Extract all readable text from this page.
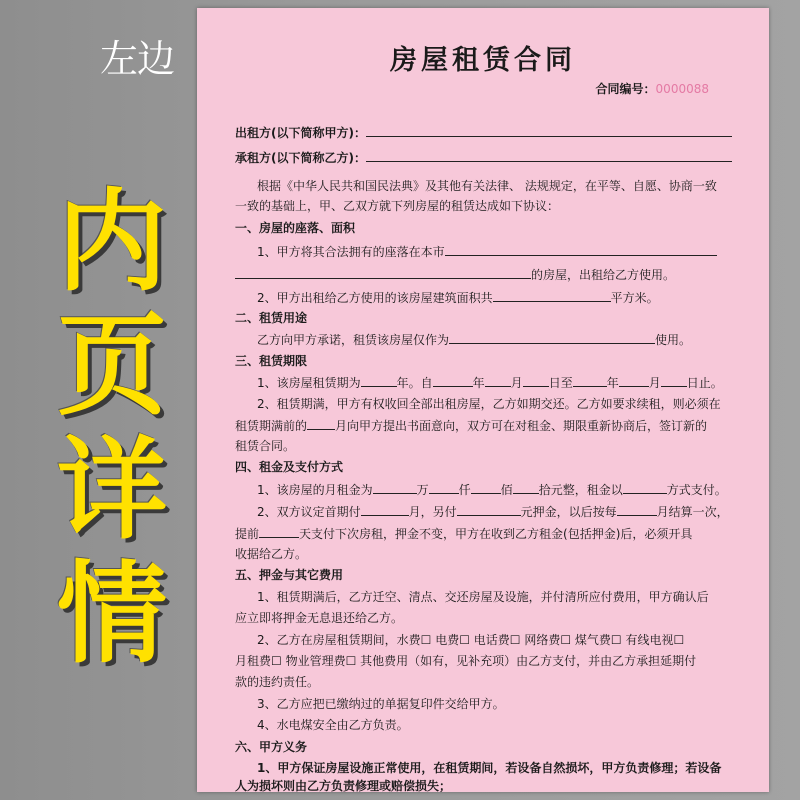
左边
内
页
详
情
房屋租赁合同
合同编号：0000088
出租方(以下简称甲方)：
承租方(以下简称乙方)：
根据《中华人民共和国民法典》及其他有关法律、 法规规定，在平等、自愿、协商一致
一致的基础上，甲、乙双方就下列房屋的租赁达成如下协议：
一、房屋的座落、面积
1、甲方将其合法拥有的座落在本市
的房屋，出租给乙方使用。
2、甲方出租给乙方使用的该房屋建筑面积共	平方米。
二、租赁用途
乙方向甲方承诺，租赁该房屋仅作为	使用。
三、租赁期限
1、该房屋租赁期为	年。自	年 月 日至	年	月 日止。
2、租赁期满，甲方有权收回全部出租房屋，乙方如期交还。乙方如要求续租，则必须在
租赁期满前的 月向甲方提出书面意向，双方可在对租金、期限重新协商后，签订新的
租赁合同。
四、租金及支付方式
1、该房屋的月租金为	万	仟	佰 拾元整，租金以	方式支付。
2、双方议定首期付	月，另付	元押金，以后按每	月结算一次，
提前	天支付下次房租，押金不变，甲方在收到乙方租金(包括押金)后，必须开具
收据给乙方。
五、押金与其它费用
1、租赁期满后，乙方迁空、清点、交还房屋及设施，并付清所应付费用，甲方确认后
应立即将押金无息退还给乙方。
2、乙方在房屋租赁期间，水费☐ 电费☐ 电话费☐ 网络费☐ 煤气费☐ 有线电视☐
月租费☐ 物业管理费☐ 其他费用（如有，见补充项）由乙方支付，并由乙方承担延期付
款的违约责任。
3、乙方应把已缴纳过的单据复印件交给甲方。
4、水电煤安全由乙方负责。
六、甲方义务
1、甲方保证房屋设施正常使用，在租赁期间，若设备自然损坏，甲方负责修理；若设备
人为损坏则由乙方负责修理或赔偿损失；
